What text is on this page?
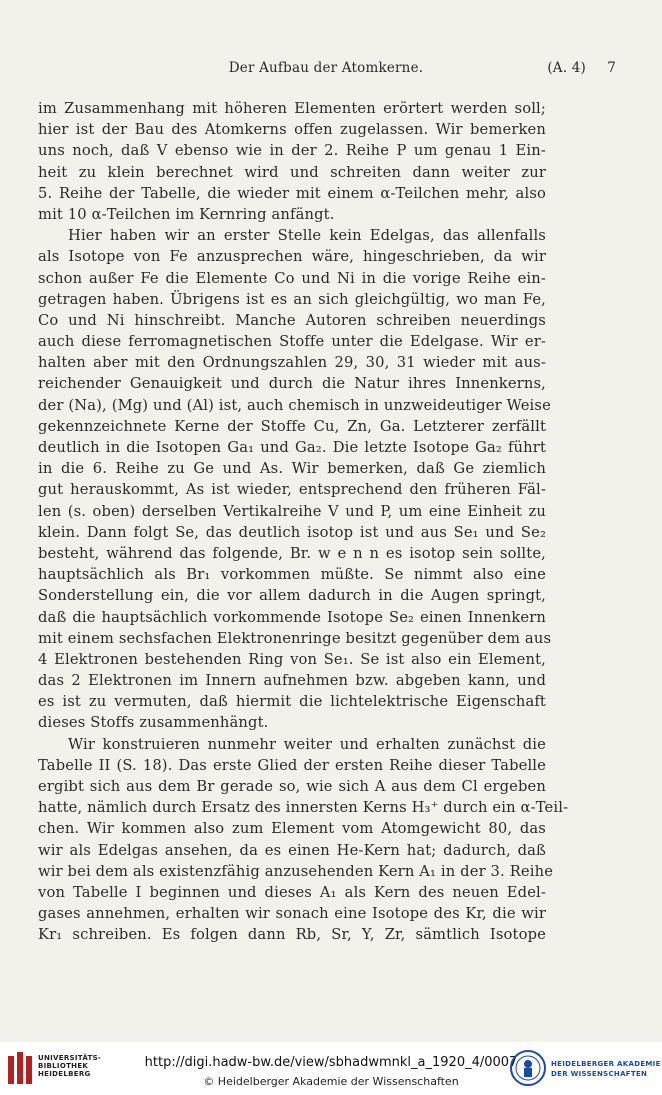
Der Aufbau der Atomkerne.	(A. 4) 7
im Zusammenhang mit höheren Elementen erörtert werden soll;
hier ist der Bau des Atomkerns offen zugelassen. Wir bemerken
uns noch, daß V ebenso wie in der 2. Reihe P um genau 1 Ein-
heit zu klein berechnet wird und schreiten dann weiter zur
5. Reihe der Tabelle, die wieder mit einem α-Teilchen mehr, also
mit 10 α-Teilchen im Kernring anfängt.
Hier haben wir an erster Stelle kein Edelgas, das allenfalls
als Isotope von Fe anzusprechen wäre, hingeschrieben, da wir
schon außer Fe die Elemente Co und Ni in die vorige Reihe ein-
getragen haben. Übrigens ist es an sich gleichgültig, wo man Fe,
Co und Ni hinschreibt. Manche Autoren schreiben neuerdings
auch diese ferromagnetischen Stoffe unter die Edelgase. Wir er-
halten aber mit den Ordnungszahlen 29, 30, 31 wieder mit aus-
reichender Genauigkeit und durch die Natur ihres Innenkerns,
der (Na), (Mg) und (Al) ist, auch chemisch in unzweideutiger Weise
gekennzeichnete Kerne der Stoffe Cu, Zn, Ga. Letzterer zerfällt
deutlich in die Isotopen Ga₁ und Ga₂. Die letzte Isotope Ga₂ führt
in die 6. Reihe zu Ge und As. Wir bemerken, daß Ge ziemlich
gut herauskommt, As ist wieder, entsprechend den früheren Fäl-
len (s. oben) derselben Vertikalreihe V und P, um eine Einheit zu
klein. Dann folgt Se, das deutlich isotop ist und aus Se₁ und Se₂
besteht, während das folgende, Br. w e n n es isotop sein sollte,
hauptsächlich als Br₁ vorkommen müßte. Se nimmt also eine
Sonderstellung ein, die vor allem dadurch in die Augen springt,
daß die hauptsächlich vorkommende Isotope Se₂ einen Innenkern
mit einem sechsfachen Elektronenringe besitzt gegenüber dem aus
4 Elektronen bestehenden Ring von Se₁. Se ist also ein Element,
das 2 Elektronen im Innern aufnehmen bzw. abgeben kann, und
es ist zu vermuten, daß hiermit die lichtelektrische Eigenschaft
dieses Stoffs zusammenhängt.
Wir konstruieren nunmehr weiter und erhalten zunächst die
Tabelle II (S. 18). Das erste Glied der ersten Reihe dieser Tabelle
ergibt sich aus dem Br gerade so, wie sich A aus dem Cl ergeben
hatte, nämlich durch Ersatz des innersten Kerns H₃⁺ durch ein α-Teil-
chen. Wir kommen also zum Element vom Atomgewicht 80, das
wir als Edelgas ansehen, da es einen He-Kern hat; dadurch, daß
wir bei dem als existenzfähig anzusehenden Kern A₁ in der 3. Reihe
von Tabelle I beginnen und dieses A₁ als Kern des neuen Edel-
gases annehmen, erhalten wir sonach eine Isotope des Kr, die wir
Kr₁ schreiben. Es folgen dann Rb, Sr, Y, Zr, sämtlich Isotope
UNIVERSITÄTS-
BIBLIOTHEK
HEIDELBERG
http://digi.hadw-bw.de/view/sbhadwmnkl_a_1920_4/0007
© Heidelberger Akademie der Wissenschaften
HEIDELBERGER AKADEMIE
DER WISSENSCHAFTEN
